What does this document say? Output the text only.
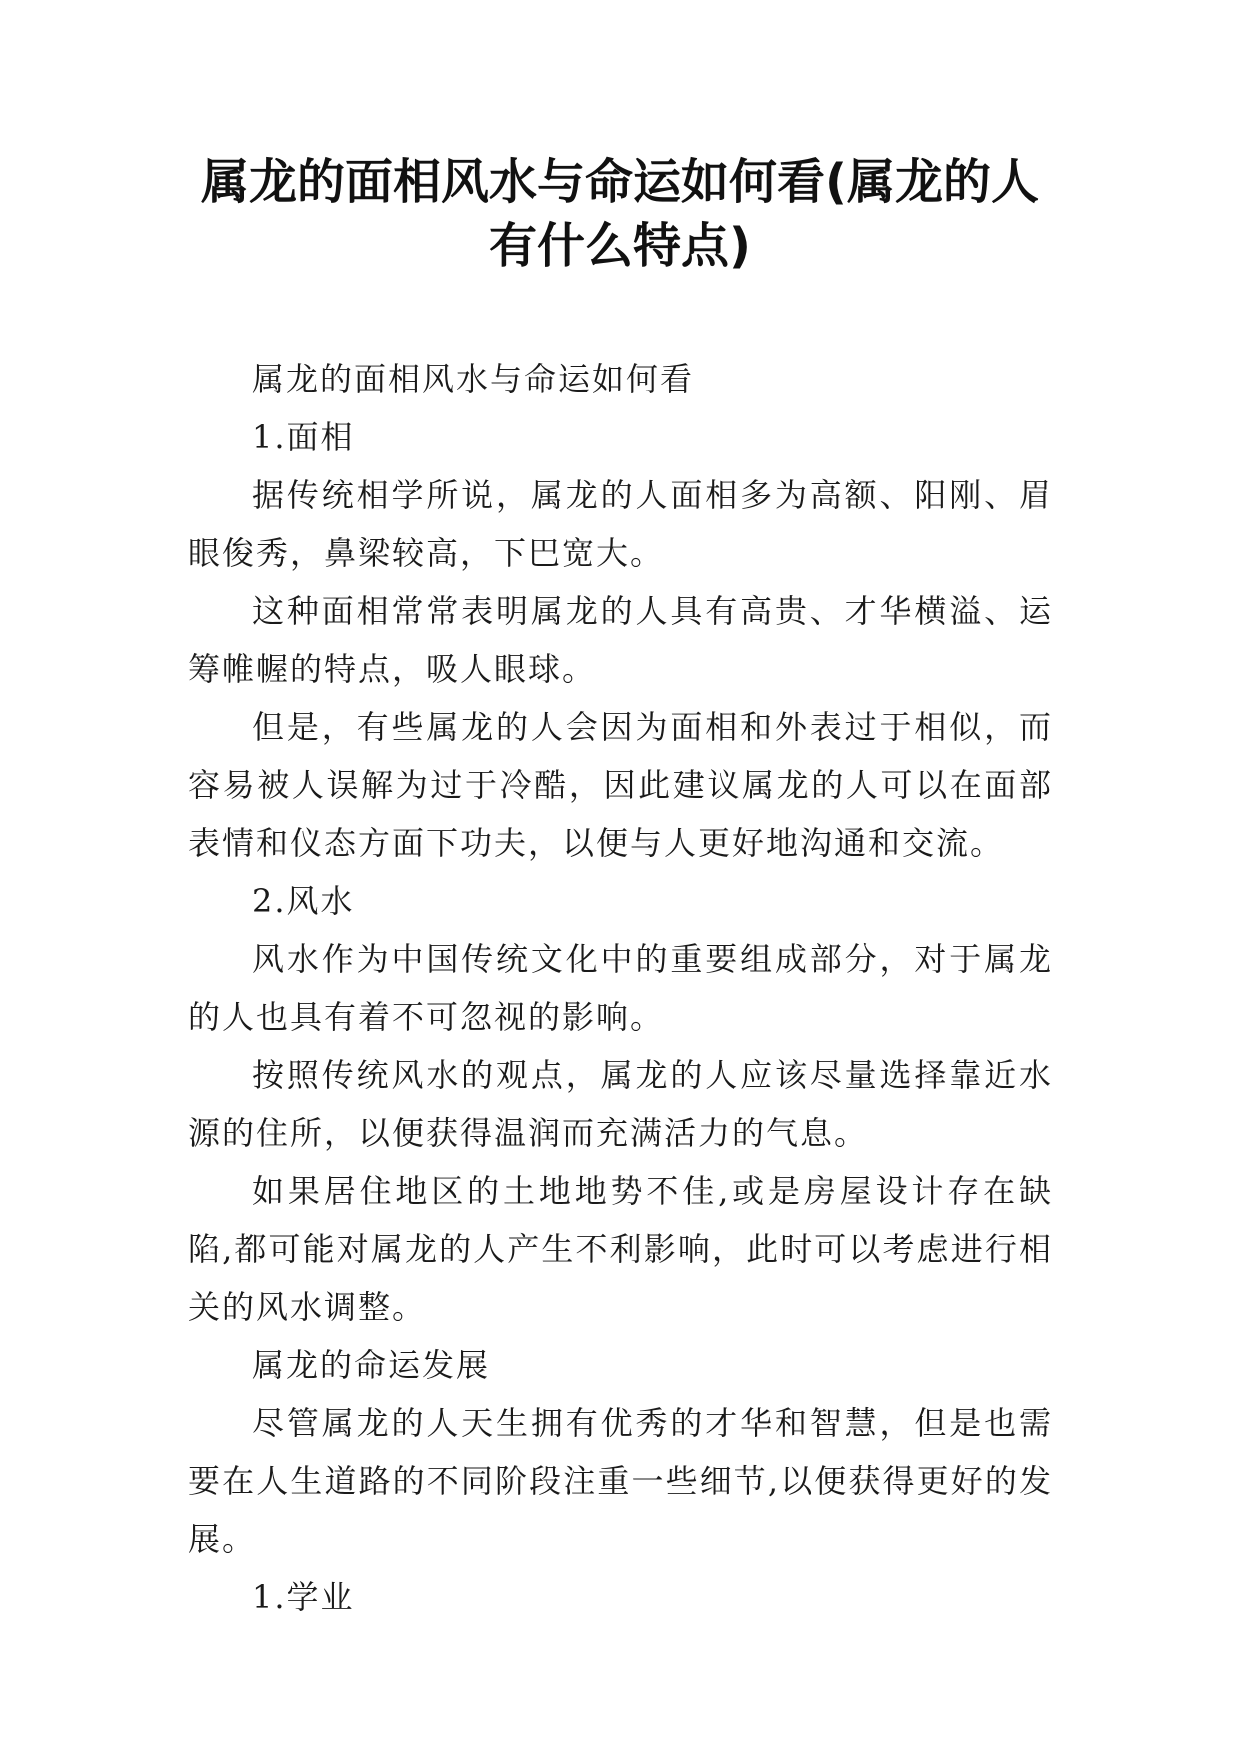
属龙的面相风水与命运如何看(属龙的人有什么特点)

属龙的面相风水与命运如何看

1.面相

据传统相学所说，属龙的人面相多为高额、阳刚、眉眼俊秀，鼻梁较高，下巴宽大。

这种面相常常表明属龙的人具有高贵、才华横溢、运筹帷幄的特点，吸人眼球。

但是，有些属龙的人会因为面相和外表过于相似，而容易被人误解为过于冷酷，因此建议属龙的人可以在面部表情和仪态方面下功夫，以便与人更好地沟通和交流。

2.风水

风水作为中国传统文化中的重要组成部分，对于属龙的人也具有着不可忽视的影响。

按照传统风水的观点，属龙的人应该尽量选择靠近水源的住所，以便获得温润而充满活力的气息。

如果居住地区的土地地势不佳,或是房屋设计存在缺陷,都可能对属龙的人产生不利影响，此时可以考虑进行相关的风水调整。

属龙的命运发展

尽管属龙的人天生拥有优秀的才华和智慧，但是也需要在人生道路的不同阶段注重一些细节,以便获得更好的发展。

1.学业
